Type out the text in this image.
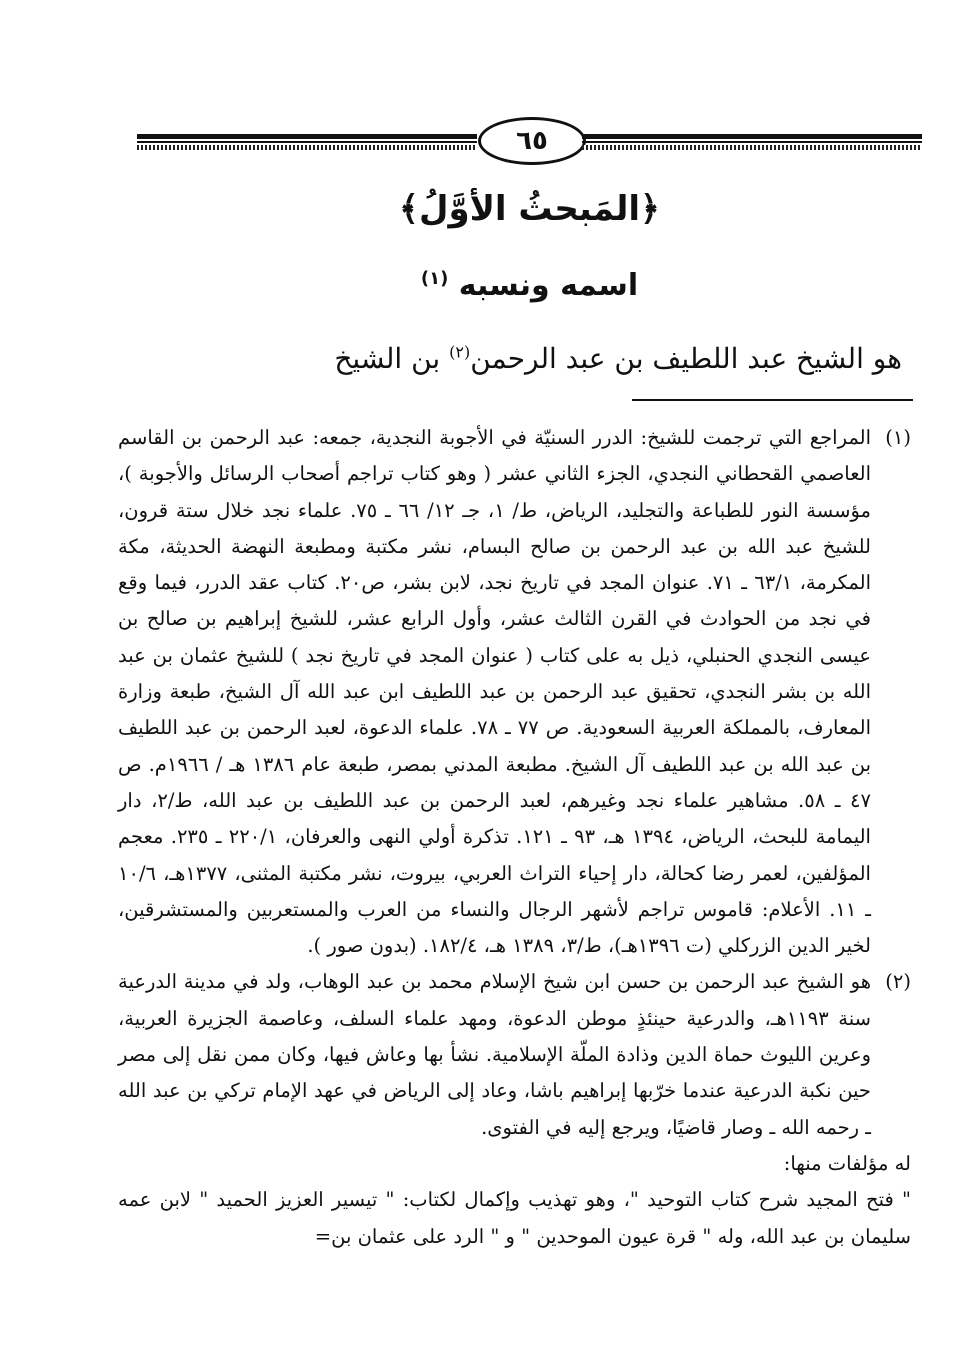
٦٥
﴿المَبحثُ الأوَّلُ﴾
اسمه ونسبه $^{(١)}$
هو الشيخ عبد اللطيف بن عبد الرحمن$^{(٢)}$ بن الشيخ
(١)

المراجع التي ترجمت للشيخ: الدرر السنيّة في الأجوبة النجدية، جمعه: عبد الرحمن بن القاسم العاصمي القحطاني النجدي، الجزء الثاني عشر ( وهو كتاب تراجم أصحاب الرسائل والأجوبة )، مؤسسة النور للطباعة والتجليد، الرياض، ط/ ١، جـ ١٢/ ٦٦ ـ ٧٥. علماء نجد خلال ستة قرون، للشيخ عبد الله بن عبد الرحمن بن صالح البسام، نشر مكتبة ومطبعة النهضة الحديثة، مكة المكرمة، ٦٣/١ ـ ٧١. عنوان المجد في تاريخ نجد، لابن بشر، ص٢٠. كتاب عقد الدرر، فيما وقع في نجد من الحوادث في القرن الثالث عشر، وأول الرابع عشر، للشيخ إبراهيم بن صالح بن عيسى النجدي الحنبلي، ذيل به على كتاب ( عنوان المجد في تاريخ نجد ) للشيخ عثمان بن عبد الله بن بشر النجدي، تحقيق عبد الرحمن بن عبد اللطيف ابن عبد الله آل الشيخ، طبعة وزارة المعارف، بالمملكة العربية السعودية. ص ٧٧ ـ ٧٨. علماء الدعوة، لعبد الرحمن بن عبد اللطيف بن عبد الله بن عبد اللطيف آل الشيخ. مطبعة المدني بمصر، طبعة عام ١٣٨٦ هـ / ١٩٦٦م. ص ٤٧ ـ ٥٨. مشاهير علماء نجد وغيرهم، لعبد الرحمن بن عبد اللطيف بن عبد الله، ط/٢، دار اليمامة للبحث، الرياض، ١٣٩٤ هـ، ٩٣ ـ ١٢١. تذكرة أولي النهى والعرفان، ٢٢٠/١ ـ ٢٣٥. معجم المؤلفين، لعمر رضا كحالة، دار إحياء التراث العربي، بيروت، نشر مكتبة المثنى، ١٣٧٧هـ، ١٠/٦ ـ ١١. الأعلام: قاموس تراجم لأشهر الرجال والنساء من العرب والمستعربين والمستشرقين، لخير الدين الزركلي (ت ١٣٩٦هـ)، ط/٣، ١٣٨٩ هـ، ١٨٢/٤. (بدون صور ).

(٢)

هو الشيخ عبد الرحمن بن حسن ابن شيخ الإسلام محمد بن عبد الوهاب، ولد في مدينة الدرعية سنة ١١٩٣هـ، والدرعية حينئذٍ موطن الدعوة، ومهد علماء السلف، وعاصمة الجزيرة العربية، وعرين الليوث حماة الدين وذادة الملّة الإسلامية. نشأ بها وعاش فيها، وكان ممن نقل إلى مصر حين نكبة الدرعية عندما خرّبها إبراهيم باشا، وعاد إلى الرياض في عهد الإمام تركي بن عبد الله ـ رحمه الله ـ وصار قاضيًا، ويرجع إليه في الفتوى.

له مؤلفات منها:

" فتح المجيد شرح كتاب التوحيد "، وهو تهذيب وإكمال لكتاب: " تيسير العزيز الحميد " لابن عمه سليمان بن عبد الله، وله " قرة عيون الموحدين " و " الرد على عثمان بن=
